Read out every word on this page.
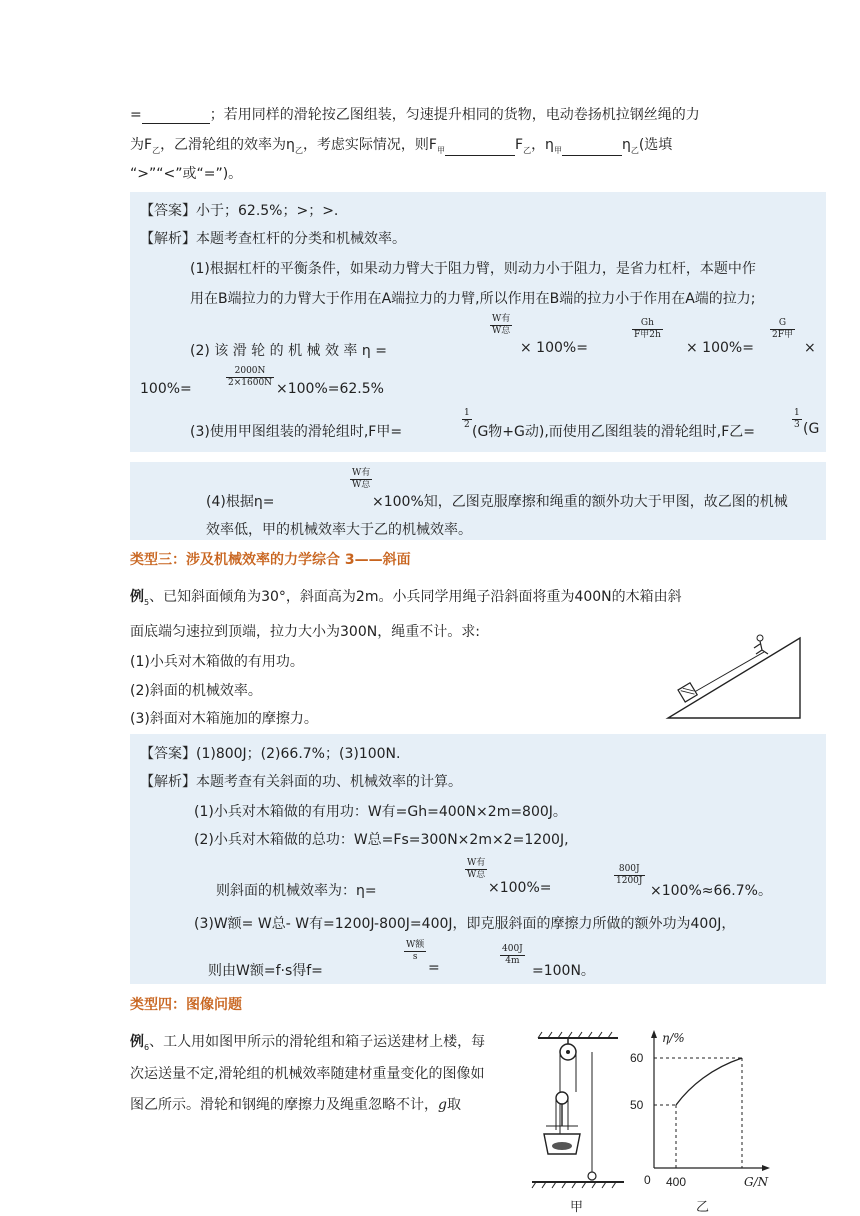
=	；若用同样的滑轮按乙图组装，匀速提升相同的货物，电动卷扬机拉钢丝绳的力
为$F_乙$，乙滑轮组的效率为$\eta_乙$，考虑实际情况，则$F_甲$	$F_乙$，$\eta_甲$	$\eta_乙$(选填
“>”“<”或“=”)。
【答案】小于；62.5%；>；>.
【解析】本题考查杠杆的分类和机械效率。
(1)根据杠杆的平衡条件，如果动力臂大于阻力臂，则动力小于阻力，是省力杠杆，本题中作
用在B端拉力的力臂大于作用在A端拉力的力臂,所以作用在B端的拉力小于作用在A端的拉力;
(2) 该 滑 轮 的 机 械 效 率 η =
W有
W总
× 100%=
Gh
F甲2h
× 100%=
G
2F甲
×
100%=	$\frac{2000N}{2\times 1600N} \times 100\%=62.5\%$
(3)使用甲图组装的滑轮组时,F甲=
$\frac{1}{2}$
(G物+G动),而使用乙图组装的滑轮组时,F乙=
$\frac{1}{3} (G$
(4)根据η=
W有
W总
×100%知，乙图克服摩擦和绳重的额外功大于甲图，故乙图的机械
效率低，甲的机械效率大于乙的机械效率。
类型三：涉及机械效率的力学综合 3——斜面
例$_5$、已知斜面倾角为30°，斜面高为2m。小兵同学用绳子沿斜面将重为400N的木箱由斜
面底端匀速拉到顶端，拉力大小为300N，绳重不计。求:
(1)小兵对木箱做的有用功。
(2)斜面的机械效率。
(3)斜面对木箱施加的摩擦力。
【答案】(1)800J；(2)66.7%；(3)100N.
【解析】本题考查有关斜面的功、机械效率的计算。
(1)小兵对木箱做的有用功：W有=Gh=400N×2m=800J。
(2)小兵对木箱做的总功：W总=Fs=300N×2m×2=1200J,
则斜面的机械效率为：η=
W有
W总
×100%=
$\frac{800J}{1200J}$
×100%≈66.7%。
(3)W额= W总- W有=1200J-800J=400J，即克服斜面的摩擦力所做的额外功为400J，
则由W额=f·s得f=
W额
s
=
$\frac{400J}{4m}$
=100N。
类型四：图像问题
例$_6$、工人用如图甲所示的滑轮组和箱子运送建材上楼，每
次运送量不定,滑轮组的机械效率随建材重量变化的图像如
图乙所示。滑轮和钢绳的摩擦力及绳重忽略不计，g取
甲
η/%
60
50
0 400	G/N
乙
